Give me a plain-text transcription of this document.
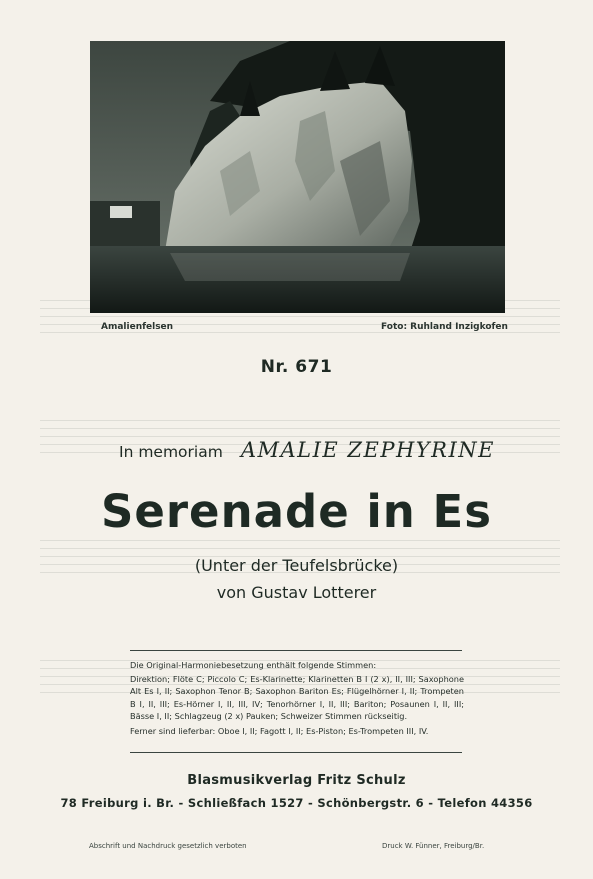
Amalienfelsen	Foto: Ruhland Inzigkofen
Nr. 671
In memoriam AMALIE ZEPHYRINE
Serenade in Es
(Unter der Teufelsbrücke)
von Gustav Lotterer

Die Original-Harmoniebesetzung enthält folgende Stimmen:

Direktion; Flöte C; Piccolo C; Es-Klarinette; Klarinetten B I (2 x), II, III; Saxophone Alt Es I, II; Saxophon Tenor B; Saxophon Bariton Es; Flügelhörner I, II; Trompeten B I, II, III; Es-Hörner I, II, III, IV; Tenorhörner I, II, III; Bariton; Posaunen I, II, III; Bässe I, II; Schlagzeug (2 x) Pauken; Schweizer Stimmen rückseitig.

Ferner sind lieferbar: Oboe I, II; Fagott I, II; Es-Piston; Es-Trompeten III, IV.

Blasmusikverlag Fritz Schulz
78 Freiburg i. Br. - Schließfach 1527 - Schönbergstr. 6 - Telefon 44356
Abschrift und Nachdruck gesetzlich verboten	Druck W. Fünner, Freiburg/Br.
